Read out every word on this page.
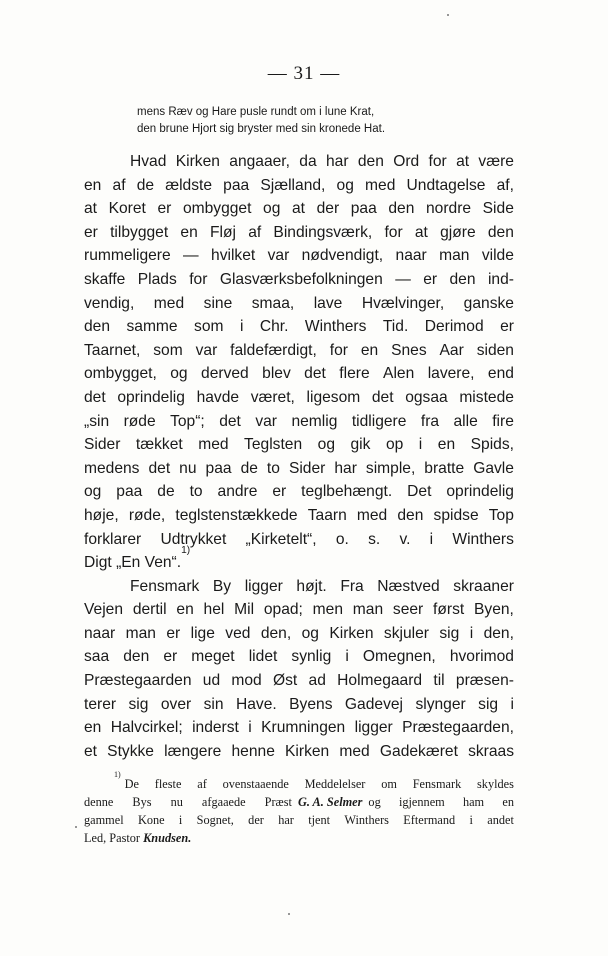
— 31 —
mens Ræv og Hare pusle rundt om i lune Krat,
den brune Hjort sig bryster med sin kronede Hat.
Hvad Kirken angaaer, da har den Ord for at være
en af de ældste paa Sjælland, og med Undtagelse af,
at Koret er ombygget og at der paa den nordre Side
er tilbygget en Fløj af Bindingsværk, for at gjøre den
rummeligere — hvilket var nødvendigt, naar man vilde
skaffe Plads for Glasværksbefolkningen — er den ind-
vendig, med sine smaa, lave Hvælvinger, ganske
den samme som i Chr. Winthers Tid. Derimod er
Taarnet, som var faldefærdigt, for en Snes Aar siden
ombygget, og derved blev det flere Alen lavere, end
det oprindelig havde været, ligesom det ogsaa mistede
„sin røde Top“; det var nemlig tidligere fra alle fire
Sider tækket med Teglsten og gik op i en Spids,
medens det nu paa de to Sider har simple, bratte Gavle
og paa de to andre er teglbehængt. Det oprindelig
høje, røde, teglstenstækkede Taarn med den spidse Top
forklarer Udtrykket „Kirketelt“, o. s. v. i Winthers
Digt „En Ven“.
1)
Fensmark By ligger højt. Fra Næstved skraaner
Vejen dertil en hel Mil opad; men man seer først Byen,
naar man er lige ved den, og Kirken skjuler sig i den,
saa den er meget lidet synlig i Omegnen, hvorimod
Præstegaarden ud mod Øst ad Holmegaard til præsen-
terer sig over sin Have. Byens Gadevej slynger sig i
en Halvcirkel; inderst i Krumningen ligger Præstegaarden,
et Stykke længere henne Kirken med Gadekæret skraas
1)
De fleste af ovenstaaende Meddelelser om Fensmark skyldes
denne Bys nu afgaaede Præst G. A. Selmer og igjennem ham en
gammel Kone i Sognet, der har tjent Winthers Eftermand i andet
Led, Pastor
Knudsen.
